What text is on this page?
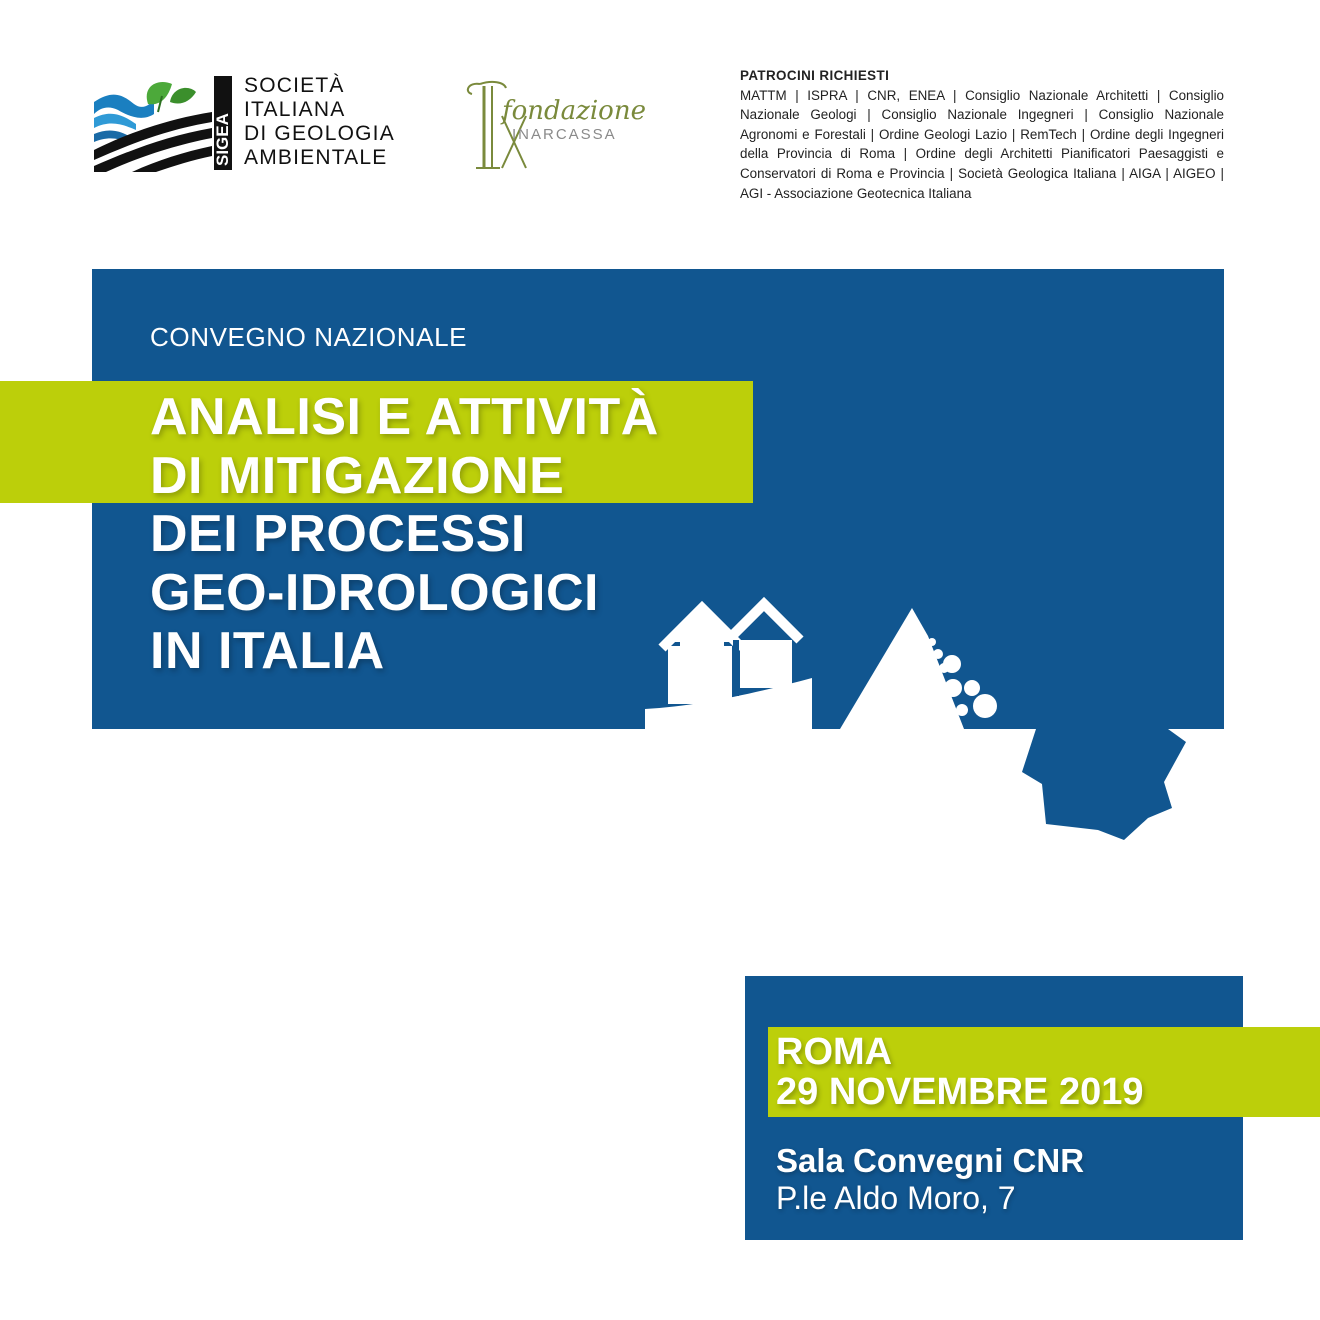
SIGEA
SOCIETÀ
ITALIANA
DI GEOLOGIA
AMBIENTALE
fondazione
INARCASSA
PATROCINI RICHIESTI
MATTM | ISPRA | CNR, ENEA | Consiglio Nazionale Architetti | Consiglio Nazionale Geologi | Consiglio Nazionale Ingegneri | Consiglio Nazionale Agronomi e Forestali | Ordine Geologi Lazio | RemTech | Ordine degli Ingegneri della Provincia di Roma | Ordine degli Architetti Pianificatori Paesaggisti e Conservatori di Roma e Provincia | Società Geologica Italiana | AIGA | AIGEO | AGI - Associazione Geotecnica Italiana
CONVEGNO NAZIONALE
ANALISI E ATTIVITÀ
DI MITIGAZIONE
DEI PROCESSI
GEO-IDROLOGICI
IN ITALIA
ROMA
29 NOVEMBRE 2019
Sala Convegni CNR
P.le Aldo Moro, 7
